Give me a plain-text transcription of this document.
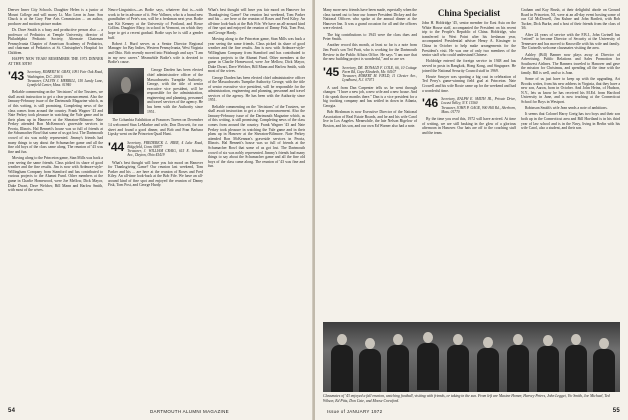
Denver Inner City Schools. Daughter Helen is a junior at Mount College and will marry Lt. Mac Leon in June. Son Chuck is at the Gary Fine Arts Commission ... an author, producer and motion picture maker.

Dr. Dave Smith is a busy and productive person also ... a professor of Pediatrics at Temple University, director of Philadelphia Pediatric Society, Alternate Chairman Pennsylvania Chapter of American Academy of Pediatrics, and chairman of Pediatrics at St. Christopher's Hospital for Children.

HAPPY NEW YEAR! REMEMBER THE 1973 DINNER AT THE 30TH!

'43 Secretary, ROBERT H. GRAY, 1091 Fair Oak Road, Washington, D.C. 20016
Treasurer, CALVIN J. MERRILL, 150 Lundy Lane, Lynnfield Center, Mass. 01940

Reliable commenting on the "decisions" of the Trustees, we shall await instruction to get a clear pronouncement. Also the January-February issue of the Dartmouth Magazine which, as of this writing, is still promising. Completing news of the class comes from around the country. Frank Wagner '43 and Nate Perkey took pleasure in watching the Yale game and in their plans up in Hanover at the Sheraton-Biltmore. Nate Perkey attended Ron McKennon's graveside services in Peoria, Illinois. Hal Bennett's house was so full of friends at the Schumacher Bowl that some of us got lost. The Dartmouth crowd of six was nobly represented. Jimmy's friends had many things to say about the Schumacher game and all the fine old boys of the class came along. The reunion of '43 was fine and fun.

Moving along to the Princeton game, Stan Mills was back a year seeing the same friends. Class picked its share of good weather and the fine results. Jim is now with Ardmore-style-Willingham Company from Stamford and has contributed to various projects to the Alumni Fund. Other members at the game in Charlie Homewood, were Joe Mellow, Dick Mayor, Duke Dwart, Dave Welcher, Bill Mann and Harlow Smith, with most of the wives.

Neuro-Linguistics—as Bodie says, whatever that is—with work to be in advance of it. Pete Vollmer, who is a brand new grandfather of Pete's son, will be a freshman next year. Bodie son Kit Kenney at the University of Portland, and Rowe Collins. Daughter Mary, in school in Vermont, on which they hope to get a recent gradual. Bodie says he is still a gender buff.

Robert J. Hurd serves as a Senior Director Regional Manager for Bay Indies, Western Pennsylvania, West Virginia and Ohio. Bob recently moved into Pittsburgh and says "I am in my new career." Meanwhile Bodie's wife is devoted to Bodie's cause.

George Darden has been elected chief administrative officer of the Massachusetts Turnpike Authority. George, with the title of senior executive vice president, will be responsible for the administration, engineering and planning, personnel and travel services of the agency. He has been with the Authority since 1951.

The Columbia Exhibition at Fraunces Tavern on December 14 welcomed Stan LeMarbre and wife, Don Dowcett, for our sheet and found a good dinner, and Bob and Fran Barbara Lipsky went on the Princeton Quail Hunt.

'44 Secretary, FREDERICK L. HIER, 4 Lake Road, Ridgefield, Conn. 06877
Treasurer, J. WILLIAM CRAIG, 615 E. Schantz Ave., Dayton, Ohio 45419

What's best thought will have you fair mood on Hanover for Thanksgiving Game? Our reunion last weekend, Tom Parker and his ... are here at the reunion of Roses and Fred Kiley. An all-time look-back at the Bob Fife. We have an all-around kind of fine spot and enjoyed the reunion of Danny Fisk, Tom Post, and George Hardy.

What's best thought will have you fair mood on Hanover for Thanksgiving Game? Our reunion last weekend, Tom Parker and his ... are here at the reunion of Roses and Fred Kiley. An all-time look-back at the Bob Fife. We have an all-around kind of fine spot and enjoyed the reunion of Danny Fisk, Tom Post, and George Hardy.

Moving along to the Princeton game, Stan Mills was back a year seeing the same friends. Class picked its share of good weather and the fine results. Jim is now with Ardmore-style-Willingham Company from Stamford and has contributed to various projects to the Alumni Fund. Other members at the game in Charlie Homewood, were Joe Mellow, Dick Mayor, Duke Dwart, Dave Welcher, Bill Mann and Harlow Smith, with most of the wives.

George Darden has been elected chief administrative officer of the Massachusetts Turnpike Authority. George, with the title of senior executive vice president, will be responsible for the administration, engineering and planning, personnel and travel services of the agency. He has been with the Authority since 1951.

Reliable commenting on the "decisions" of the Trustees, we shall await instruction to get a clear pronouncement. Also the January-February issue of the Dartmouth Magazine which, as of this writing, is still promising. Completing news of the class comes from around the country. Frank Wagner '43 and Nate Perkey took pleasure in watching the Yale game and in their plans up in Hanover at the Sheraton-Biltmore. Nate Perkey attended Ron McKennon's graveside services in Peoria, Illinois. Hal Bennett's house was so full of friends at the Schumacher Bowl that some of us got lost. The Dartmouth crowd of six was nobly represented. Jimmy's friends had many things to say about the Schumacher game and all the fine old boys of the class came along. The reunion of '43 was fine and fun.

54	DARTMOUTH ALUMNI MAGAZINE

Many more new friends have been made, especially when the class turned out to hear our former President Dickey and the National Officers who spoke at the annual dinner at the Hanover Inn. It was a grand occasion for all and the officers were elected.

The big contributions to 1943 were the class dues and Peter Smith.

Another record this month, at least so far is a note from Jim Pratt's son Ted Pratt, who is working for the Dartmouth Review in the Public Affairs Office. He says "I am sure that the new building project is wonderful," and so are we.

'45 Secretary, DR. DONALD F. COLE, 66, 10 Cottage Farm Rd, Cape Elizabeth, Me. 04107
Treasurer, ROBERT M. FIELD, 11 Chester Ave., Lyndhurst, N.J. 07071

A card from Dan Carpenter tells us he went through changes: "I have a new job, a new wife and a new house. And I do speak those months there." Dan is a vice president for a big trucking company and has settled in down in Atlanta, Georgia.

Bob Hirshman is now Executive Director of the National Association of Real Estate Boards, and he and his wife Carol live in Los Angeles. Meanwhile, the late Nelson Bigelow of Boston, and his son, and our own Ed Warner also had a note.

China Specialist

John H. Holdridge '45, senior member for East Asia on the White House staff, accompanied the President on his recent trip to the People's Republic of China. Holdridge, who transferred to West Point after his freshman year, accompanied Presidential adviser Henry A. Kissinger to China in October to help make arrangements for the President's visit. He was one of only two members of the senior staff who could understand Chinese.

Holdridge entered the foreign service in 1948 and has served in posts in Bangkok, Hong Kong, and Singapore. He joined the National Security Council staff in 1969.

Howie Sawyer was sporting a big cast in celebration of Ted Perry's game-winning field goal at Princeton. Nate Crowell and his wife Roxie came up for the weekend and had a wonderful time.

'46 Secretary, RALPH E. SMITH JR., Private Drive, Locust Valley, N.Y. 11560
Treasurer, JOHN P. GAGE, 900 Hill Rd., Sherborn, Mass. 01770

By the time you read this, 1972 will have arrived. At time of writing, we are still basking in the glow of a glorious afternoon in Hanover. Our hats are off to the coaching staff and the team.

Graham and Kay Brush, at their delightful abode on Ground Road in Princeton, NJ, were at an all-day event hosting some of our Gil McDowell, Jim Kuhne and John Bartlett, with Bob Tucker, Dick Burke, and a host of their friends from the class of '46.

After 24 years of service with the F.B.I., John Gwinell has "retired" to become Director of Security at the University of Tennessee and has moved to Knoxville with his wife and family. The Gwinells welcome classmates visiting the area.

Ashley (Bill) Banner now plays away at Director of Advertising, Public Relations and Sales Promotion for Southwest Airlines. The Banners traveled to Hanover and gave the mission for Christmas, and spending all the time with the family. Bill is well, and so is Joan.

Some of us just have to keep up with the upgrading. Art Brooks writes, from his new address in Virginia, that they have a new son, Aaron, born in October. And John Heinz, of Hudson, N.Y., lets us know he has received his M.Ed. from Hartford University in June, and is now teaching at the Connecticut School for Boys in Westport.

Robinson Smith's wife Jean sends a note of ambitions.

It seems that Colonel Harry Greig has two boys and their son both up in the Connecticut area and Bill Haviland is in his third year of law school and is in the Navy, living in Berlin with his wife Carol, also a student, and their son.

Classmates of '43 enjoyed a fall reunion, watching football, visiting with friends, or taking in the sun. From left are Maxine Homer, Harvey Peters, John Legget, Vic Smith, Joe Michael, Ted Wilson, Ed Pitts, Don Cate, and Moose Crawford.
Issue of JANUARY 1972	55
